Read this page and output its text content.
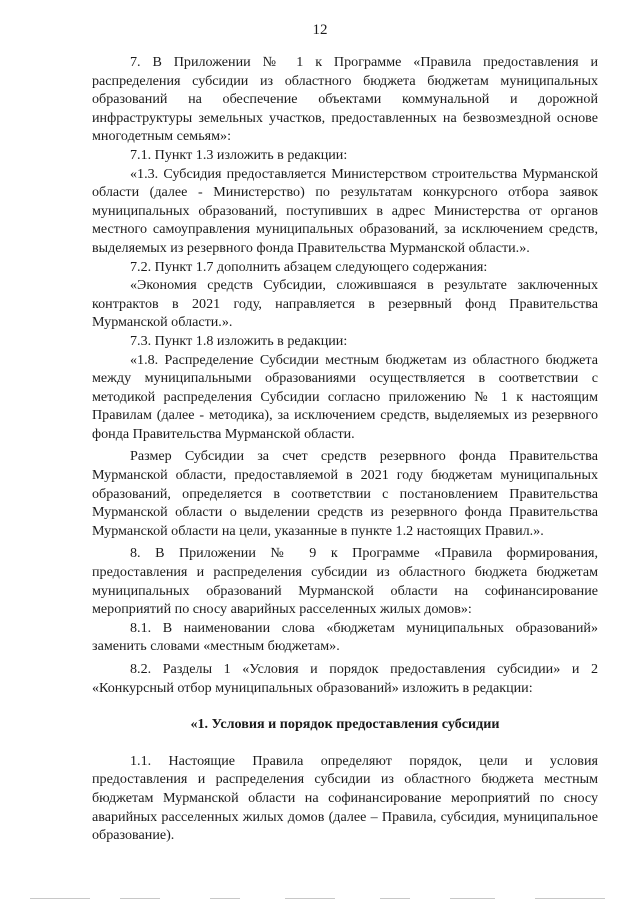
12

7. В Приложении № 1 к Программе «Правила предоставления и распределения субсидии из областного бюджета бюджетам муниципальных образований на обеспечение объектами коммунальной и дорожной инфраструктуры земельных участков, предоставленных на безвозмездной основе многодетным семьям»:

7.1. Пункт 1.3 изложить в редакции:

«1.3. Субсидия предоставляется Министерством строительства Мурманской области (далее - Министерство) по результатам конкурсного отбора заявок муниципальных образований, поступивших в адрес Министерства от органов местного самоуправления муниципальных образований, за исключением средств, выделяемых из резервного фонда Правительства Мурманской области.».

7.2. Пункт 1.7 дополнить абзацем следующего содержания:

«Экономия средств Субсидии, сложившаяся в результате заключенных контрактов в 2021 году, направляется в резервный фонд Правительства Мурманской области.».

7.3. Пункт 1.8 изложить в редакции:

«1.8. Распределение Субсидии местным бюджетам из областного бюджета между муниципальными образованиями осуществляется в соответствии с методикой распределения Субсидии согласно приложению № 1 к настоящим Правилам (далее - методика), за исключением средств, выделяемых из резервного фонда Правительства Мурманской области.

Размер Субсидии за счет средств резервного фонда Правительства Мурманской области, предоставляемой в 2021 году бюджетам муниципальных образований, определяется в соответствии с постановлением Правительства Мурманской области о выделении средств из резервного фонда Правительства Мурманской области на цели, указанные в пункте 1.2 настоящих Правил.».

8. В Приложении № 9 к Программе «Правила формирования, предоставления и распределения субсидии из областного бюджета бюджетам муниципальных образований Мурманской области на софинансирование мероприятий по сносу аварийных расселенных жилых домов»:

8.1. В наименовании слова «бюджетам муниципальных образований» заменить словами «местным бюджетам».

8.2. Разделы 1 «Условия и порядок предоставления субсидии» и 2 «Конкурсный отбор муниципальных образований» изложить в редакции:

«1. Условия и порядок предоставления субсидии

1.1. Настоящие Правила определяют порядок, цели и условия предоставления и распределения субсидии из областного бюджета местным бюджетам Мурманской области на софинансирование мероприятий по сносу аварийных расселенных жилых домов (далее – Правила, субсидия, муниципальное образование).
